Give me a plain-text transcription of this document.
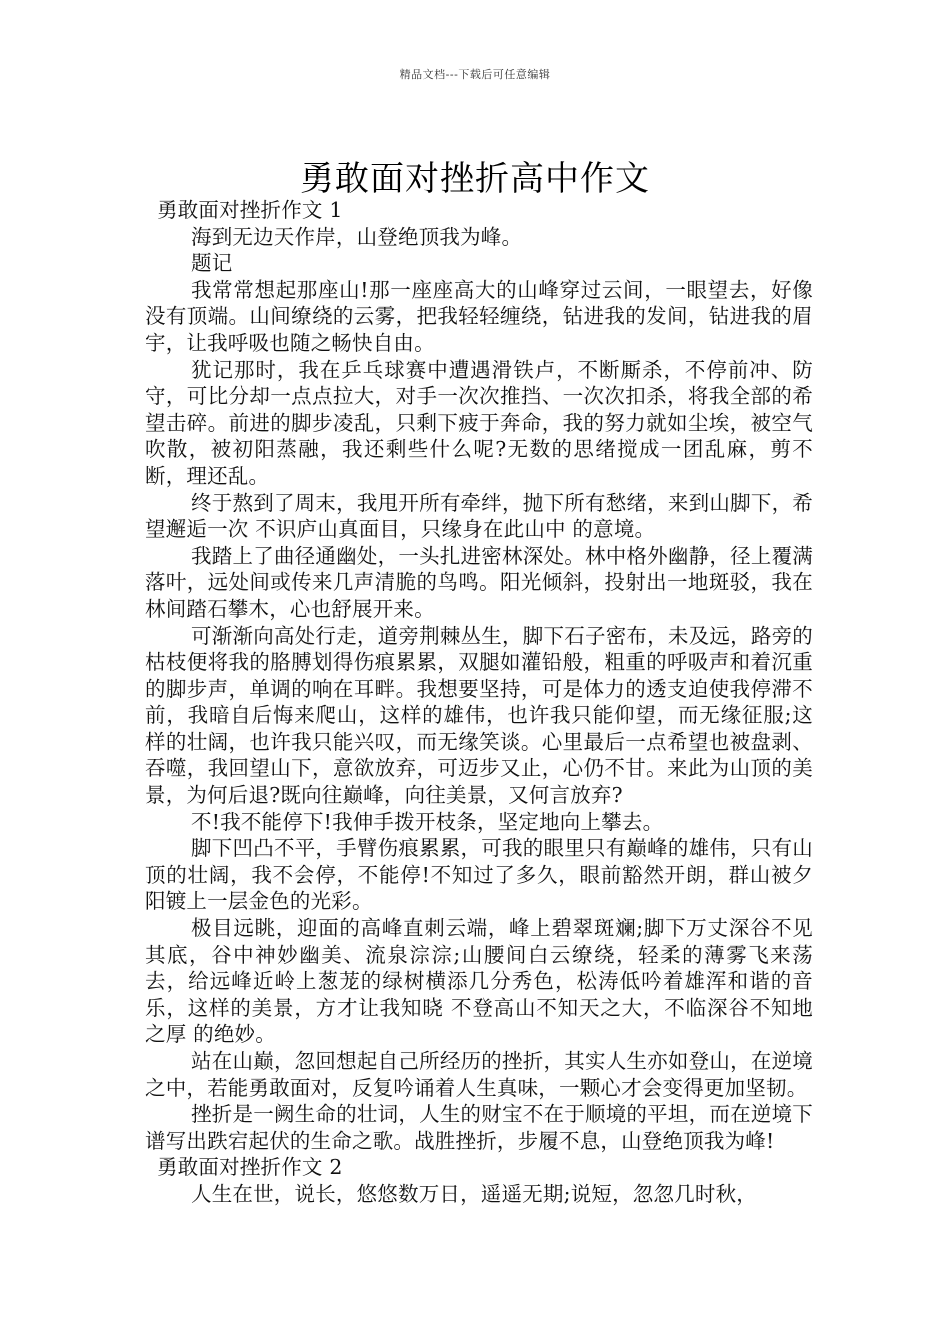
精品文档---下载后可任意编辑
勇敢面对挫折高中作文

勇敢面对挫折作文 1

海到无边天作岸，山登绝顶我为峰。

题记

我常常想起那座山!那一座座高大的山峰穿过云间，一眼望去，好像没有顶端。山间缭绕的云雾，把我轻轻缠绕，钻进我的发间，钻进我的眉宇，让我呼吸也随之畅快自由。

犹记那时，我在乒乓球赛中遭遇滑铁卢，不断厮杀，不停前冲、防守，可比分却一点点拉大，对手一次次推挡、一次次扣杀，将我全部的希望击碎。前进的脚步凌乱，只剩下疲于奔命，我的努力就如尘埃，被空气吹散，被初阳蒸融，我还剩些什么呢?无数的思绪搅成一团乱麻，剪不断，理还乱。

终于熬到了周末，我甩开所有牵绊，抛下所有愁绪，来到山脚下，希望邂逅一次 不识庐山真面目，只缘身在此山中 的意境。

我踏上了曲径通幽处，一头扎进密林深处。林中格外幽静，径上覆满落叶，远处间或传来几声清脆的鸟鸣。阳光倾斜，投射出一地斑驳，我在林间踏石攀木，心也舒展开来。

可渐渐向高处行走，道旁荆棘丛生，脚下石子密布，未及远，路旁的枯枝便将我的胳膊划得伤痕累累，双腿如灌铅般，粗重的呼吸声和着沉重的脚步声，单调的响在耳畔。我想要坚持，可是体力的透支迫使我停滞不前，我暗自后悔来爬山，这样的雄伟，也许我只能仰望，而无缘征服;这样的壮阔，也许我只能兴叹，而无缘笑谈。心里最后一点希望也被盘剥、吞噬，我回望山下，意欲放弃，可迈步又止，心仍不甘。来此为山顶的美景，为何后退?既向往巅峰，向往美景，又何言放弃?

不!我不能停下!我伸手拨开枝条，坚定地向上攀去。

脚下凹凸不平，手臂伤痕累累，可我的眼里只有巅峰的雄伟，只有山顶的壮阔，我不会停，不能停!不知过了多久，眼前豁然开朗，群山被夕阳镀上一层金色的光彩。

极目远眺，迎面的高峰直刺云端，峰上碧翠斑斓;脚下万丈深谷不见其底，谷中神妙幽美、流泉淙淙;山腰间白云缭绕，轻柔的薄雾飞来荡去，给远峰近岭上葱茏的绿树横添几分秀色，松涛低吟着雄浑和谐的音乐，这样的美景，方才让我知晓 不登高山不知天之大，不临深谷不知地之厚 的绝妙。

站在山巅，忽回想起自己所经历的挫折，其实人生亦如登山，在逆境之中，若能勇敢面对，反复吟诵着人生真味，一颗心才会变得更加坚韧。

挫折是一阙生命的壮词，人生的财宝不在于顺境的平坦，而在逆境下谱写出跌宕起伏的生命之歌。战胜挫折，步履不息，山登绝顶我为峰!

勇敢面对挫折作文 2

人生在世，说长，悠悠数万日，遥遥无期;说短，忽忽几时秋，
